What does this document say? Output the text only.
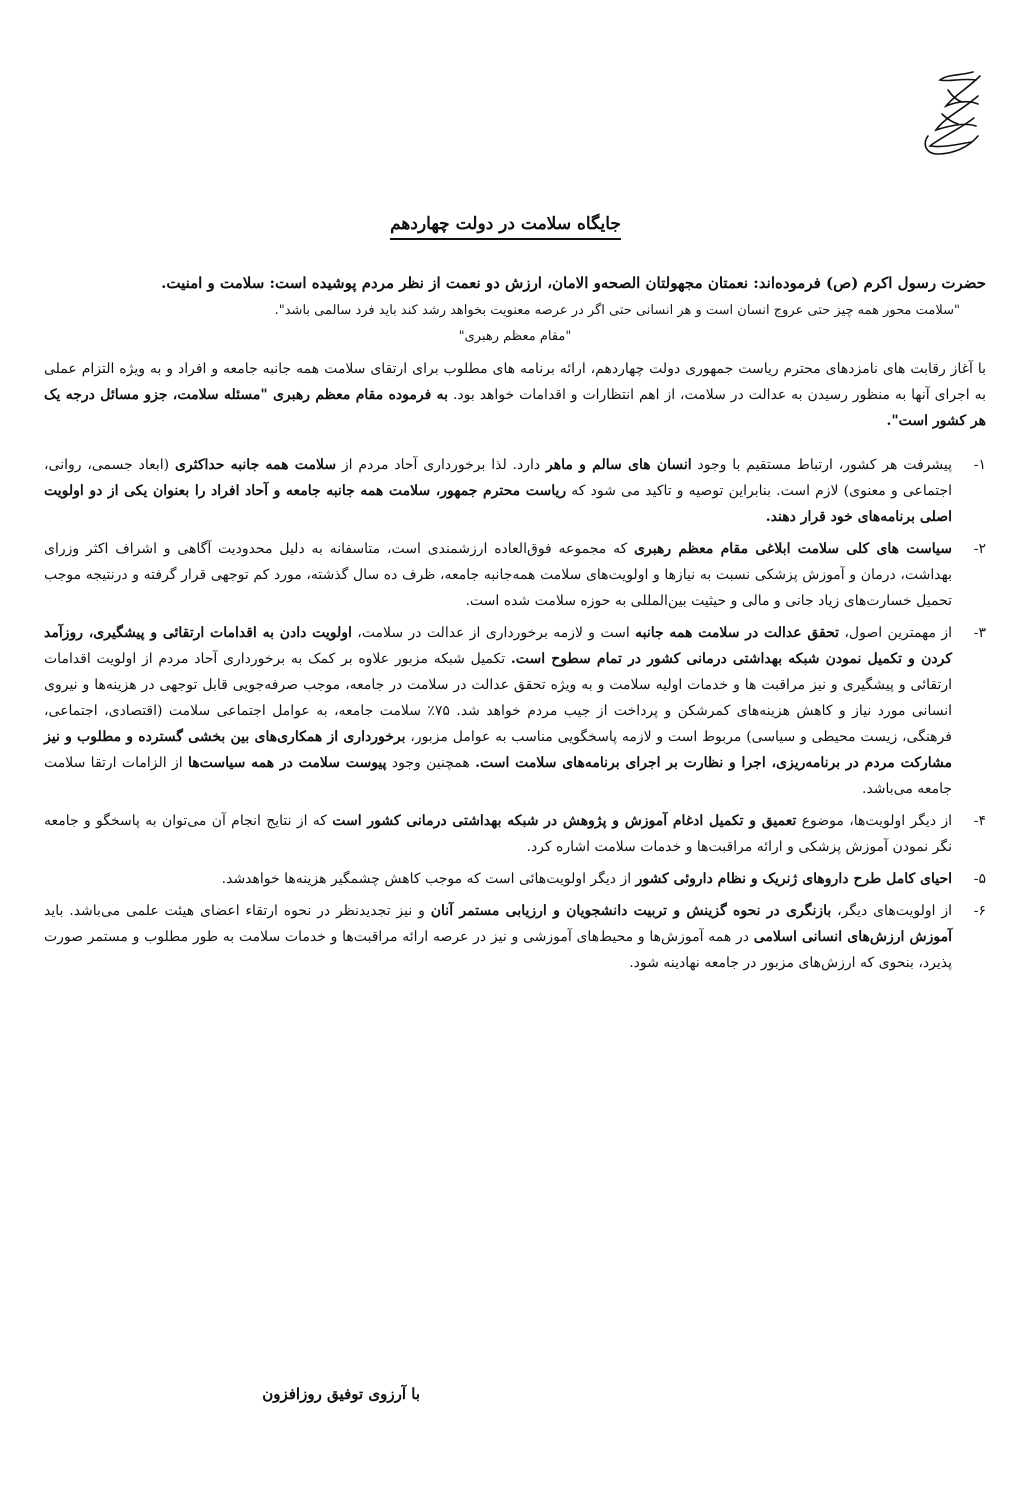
جایگاه سلامت در دولت چهاردهم

حضرت رسول اکرم (ص) فرموده‌اند: نعمتان مجهولتان الصحه‌و الامان، ارزش دو نعمت از نظر مردم پوشیده است: سلامت و امنیت.

"سلامت محور همه چیز حتی عروج انسان است و هر انسانی حتی اگر در عرصه معنویت بخواهد رشد کند باید فرد سالمی باشد".

"مقام معظم رهبری"

با آغاز رقابت های نامزدهای محترم ریاست جمهوری دولت چهاردهم، ارائه برنامه های مطلوب برای ارتقای سلامت همه جانبه جامعه و افراد و به ویژه التزام عملی به اجرای آنها به منظور رسیدن به عدالت در سلامت، از اهم انتظارات و اقدامات خواهد بود. به فرموده مقام معظم رهبری "مسئله سلامت، جزو مسائل درجه یک هر کشور است".

۱-
پیشرفت هر کشور، ارتباط مستقیم با وجود انسان های سالم و ماهر دارد. لذا برخورداری آحاد مردم از سلامت همه جانبه حداکثری (ابعاد جسمی، روانی، اجتماعی و معنوی) لازم است. بنابراین توصیه و تاکید می شود که ریاست محترم جمهور، سلامت همه جانبه جامعه و آحاد افراد را بعنوان یکی از دو اولویت اصلی برنامه‌های خود قرار دهند.
۲-
سیاست های کلی سلامت ابلاغی مقام معظم رهبری که مجموعه فوق‌العاده ارزشمندی است، متاسفانه به دلیل محدودیت آگاهی و اشراف اکثر وزرای بهداشت، درمان و آموزش پزشکی نسبت به نیازها و اولویت‌های سلامت همه‌جانبه جامعه، ظرف ده سال گذشته، مورد کم توجهی قرار گرفته و درنتیجه موجب تحمیل خسارت‌های زیاد جانی و مالی و حیثیت بین‌المللی به حوزه سلامت شده است.
۳-
از مهمترین اصول، تحقق عدالت در سلامت همه جانبه است و لازمه برخورداری از عدالت در سلامت، اولویت دادن به اقدامات ارتقائی و پیشگیری، روزآمد کردن و تکمیل نمودن شبکه بهداشتی درمانی کشور در تمام سطوح است. تکمیل شبکه مزبور علاوه بر کمک به برخورداری آحاد مردم از اولویت اقدامات ارتقائی و پیشگیری و نیز مراقبت ها و خدمات اولیه سلامت و به ویژه تحقق عدالت در سلامت در جامعه، موجب صرفه‌جویی قابل توجهی در هزینه‌ها و نیروی انسانی مورد نیاز و کاهش هزینه‌های کمرشکن و پرداخت از جیب مردم خواهد شد. ۷۵٪ سلامت جامعه، به عوامل اجتماعی سلامت (اقتصادی، اجتماعی، فرهنگی، زیست محیطی و سیاسی) مربوط است و لازمه پاسخگویی مناسب به عوامل مزبور، برخورداری از همکاری‌های بین بخشی گسترده و مطلوب و نیز مشارکت مردم در برنامه‌ریزی، اجرا و نظارت بر اجرای برنامه‌های سلامت است. همچنین وجود پیوست سلامت در همه سیاست‌ها از الزامات ارتقا سلامت جامعه می‌باشد.
۴-
از دیگر اولویت‌ها، موضوع تعمیق و تکمیل ادغام آموزش و پژوهش در شبکه بهداشتی درمانی کشور است که از نتایج انجام آن می‌توان به پاسخگو و جامعه نگر نمودن آموزش پزشکی و ارائه مراقبت‌ها و خدمات سلامت اشاره کرد.
۵-
احیای کامل طرح داروهای ژنریک و نظام داروئی کشور از دیگر اولویت‌هائی است که موجب کاهش چشمگیر هزینه‌ها خواهدشد.
۶-
از اولویت‌های دیگر، بازنگری در نحوه گزینش و تربیت دانشجویان و ارزیابی مستمر آنان و نیز تجدیدنظر در نحوه ارتقاء اعضای هیئت علمی می‌باشد. باید آموزش ارزش‌های انسانی اسلامی در همه آموزش‌ها و محیط‌های آموزشی و نیز در عرصه ارائه مراقبت‌ها و خدمات سلامت به طور مطلوب و مستمر صورت پذیرد، بنحوی که ارزش‌های مزبور در جامعه نهادینه شود.
با آرزوی توفیق روزافزون
